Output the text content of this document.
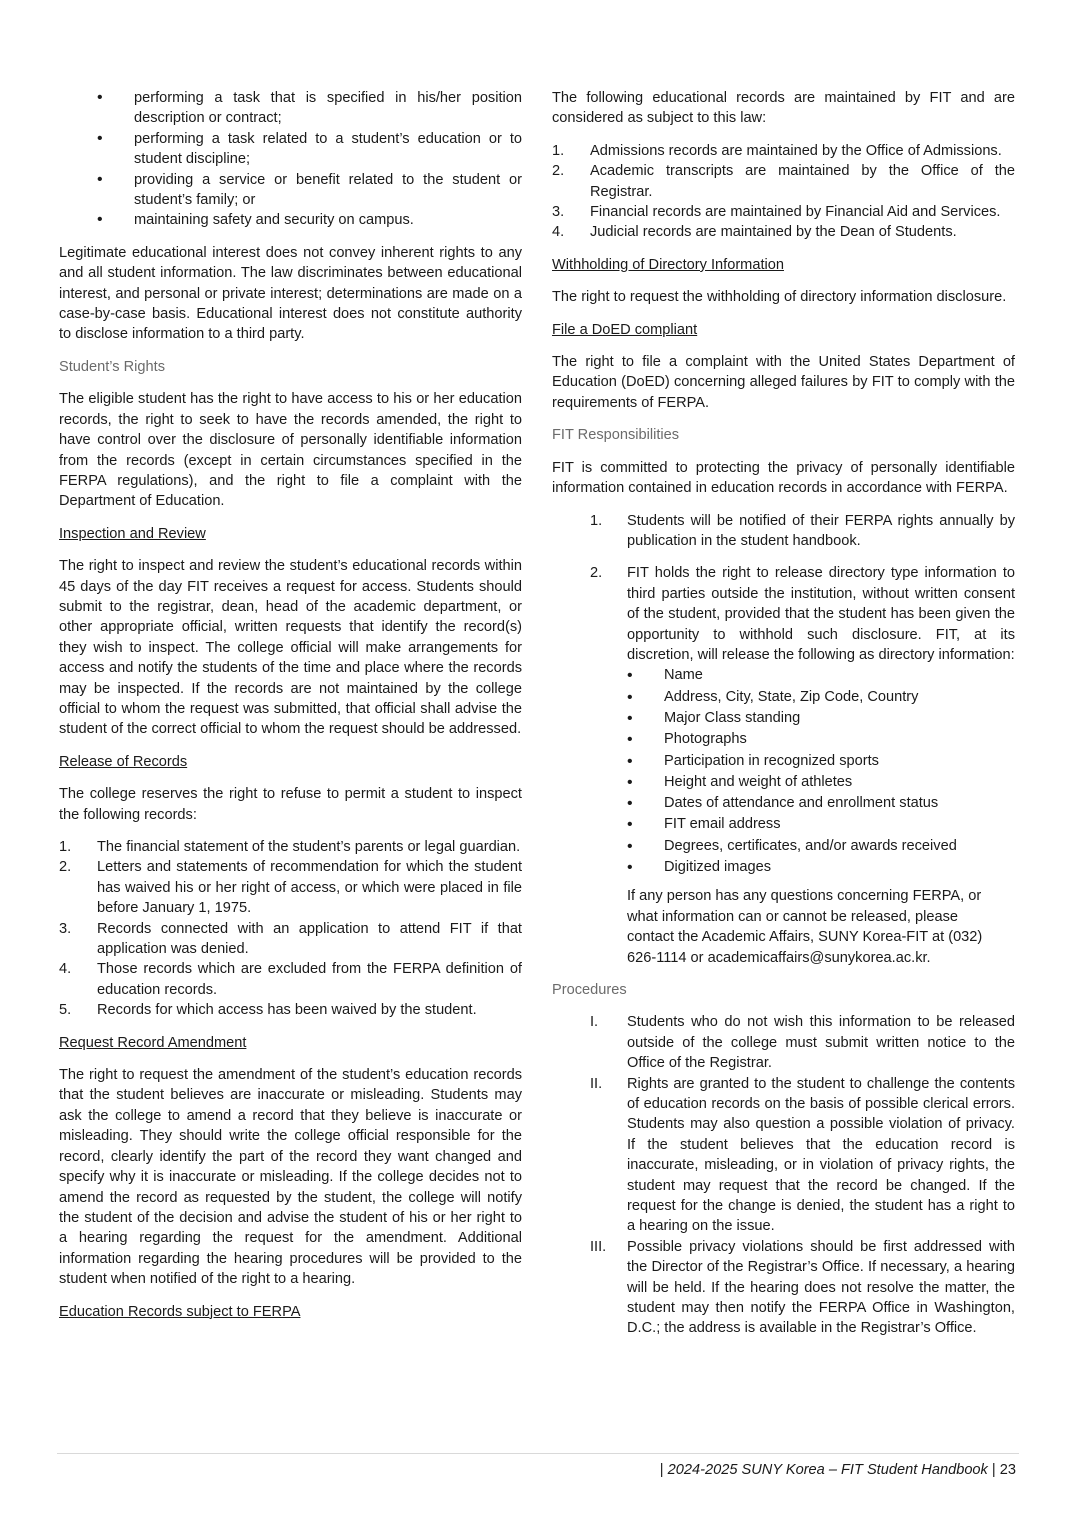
• performing a task that is specified in his/her position description or contract;
• performing a task related to a student’s education or to student discipline;
• providing a service or benefit related to the student or student’s family; or
• maintaining safety and security on campus.

Legitimate educational interest does not convey inherent rights to any and all student information. The law discriminates between educational interest, and personal or private interest; determinations are made on a case-by-case basis. Educational interest does not constitute authority to disclose information to a third party.

Student’s Rights

The eligible student has the right to have access to his or her education records, the right to seek to have the records amended, the right to have control over the disclosure of personally identifiable information from the records (except in certain circumstances specified in the FERPA regulations), and the right to file a complaint with the Department of Education.

Inspection and Review

The right to inspect and review the student’s educational records within 45 days of the day FIT receives a request for access. Students should submit to the registrar, dean, head of the academic department, or other appropriate official, written requests that identify the record(s) they wish to inspect. The college official will make arrangements for access and notify the students of the time and place where the records may be inspected. If the records are not maintained by the college official to whom the request was submitted, that official shall advise the student of the correct official to whom the request should be addressed.

Release of Records

The college reserves the right to refuse to permit a student to inspect the following records:

1. The financial statement of the student’s parents or legal guardian.
2. Letters and statements of recommendation for which the student has waived his or her right of access, or which were placed in file before January 1, 1975.
3. Records connected with an application to attend FIT if that application was denied.
4. Those records which are excluded from the FERPA definition of education records.
5. Records for which access has been waived by the student.
Request Record Amendment

The right to request the amendment of the student’s education records that the student believes are inaccurate or misleading. Students may ask the college to amend a record that they believe is inaccurate or misleading. They should write the college official responsible for the record, clearly identify the part of the record they want changed and specify why it is inaccurate or misleading. If the college decides not to amend the record as requested by the student, the college will notify the student of the decision and advise the student of his or her right to a hearing regarding the request for the amendment. Additional information regarding the hearing procedures will be provided to the student when notified of the right to a hearing.

Education Records subject to FERPA

The following educational records are maintained by FIT and are considered as subject to this law:

1. Admissions records are maintained by the Office of Admissions.
2. Academic transcripts are maintained by the Office of the Registrar.
3. Financial records are maintained by Financial Aid and Services.
4. Judicial records are maintained by the Dean of Students.
Withholding of Directory Information

The right to request the withholding of directory information disclosure.

File a DoED compliant

The right to file a complaint with the United States Department of Education (DoED) concerning alleged failures by FIT to comply with the requirements of FERPA.

FIT Responsibilities

FIT is committed to protecting the privacy of personally identifiable information contained in education records in accordance with FERPA.

1. Students will be notified of their FERPA rights annually by publication in the student handbook.
2. FIT holds the right to release directory type information to third parties outside the institution, without written consent of the student, provided that the student has been given the opportunity to withhold such disclosure. FIT, at its discretion, will release the following as directory information:
• Name
• Address, City, State, Zip Code, Country
• Major Class standing
• Photographs
• Participation in recognized sports
• Height and weight of athletes
• Dates of attendance and enrollment status
• FIT email address
• Degrees, certificates, and/or awards received
• Digitized images
If any person has any questions concerning FERPA, or
what information can or cannot be released, please
contact the Academic Affairs, SUNY Korea-FIT at (032)
626-1114 or academicaffairs@sunykorea.ac.kr.
Procedures
I. Students who do not wish this information to be released outside of the college must submit written notice to the Office of the Registrar.
II. Rights are granted to the student to challenge the contents of education records on the basis of possible clerical errors. Students may also question a possible violation of privacy. If the student believes that the education record is inaccurate, misleading, or in violation of privacy rights, the student may request that the record be changed. If the request for the change is denied, the student has a right to a hearing on the issue.
III. Possible privacy violations should be first addressed with the Director of the Registrar’s Office. If necessary, a hearing will be held. If the hearing does not resolve the matter, the student may then notify the FERPA Office in Washington, D.C.; the address is available in the Registrar’s Office.
| 2024-2025 SUNY Korea – FIT Student Handbook | 23
